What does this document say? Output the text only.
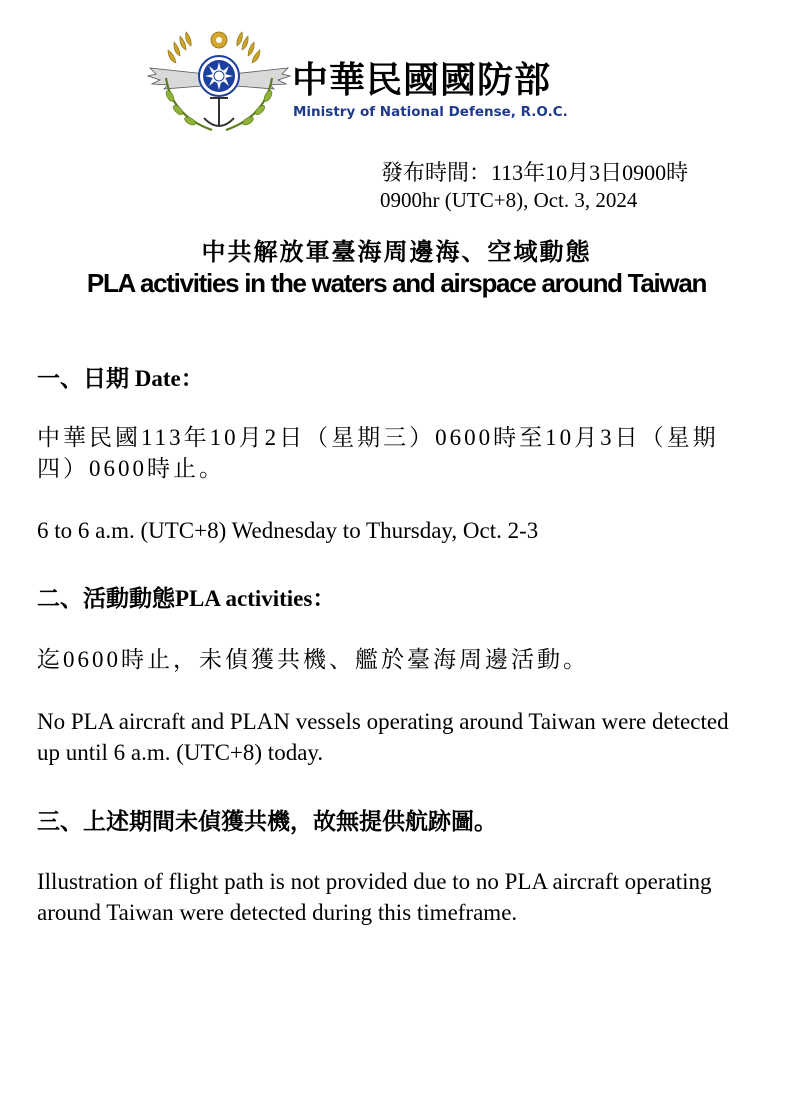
中華民國國防部
Ministry of National Defense, R.O.C.
發布時間：113年10月3日0900時
0900hr (UTC+8), Oct. 3, 2024
中共解放軍臺海周邊海、空域動態
PLA activities in the waters and airspace around Taiwan
一、日期 Date：
中華民國113年10月2日（星期三）0600時至10月3日（星期四）0600時止。
6 to 6 a.m. (UTC+8) Wednesday to Thursday, Oct. 2-3
二、活動動態PLA activities：
迄0600時止，未偵獲共機、艦於臺海周邊活動。
No PLA aircraft and PLAN vessels operating around Taiwan were detected up until 6 a.m. (UTC+8) today.
三、上述期間未偵獲共機，故無提供航跡圖。
Illustration of flight path is not provided due to no PLA aircraft operating around Taiwan were detected during this timeframe.
